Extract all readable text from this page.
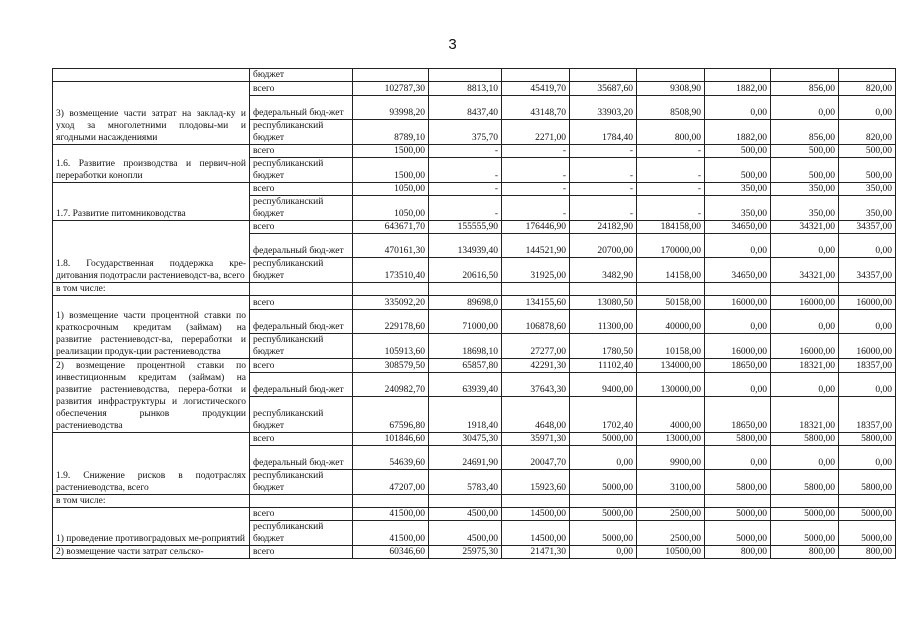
3
	бюджет								
3) возмещение части затрат на заклад-ку и уход за многолетними плодовы-ми и ягодными насаждениями	всего	102787,30	8813,10	45419,70	35687,60	9308,90	1882,00	856,00	820,00
	федеральный бюд-жет	93998,20	8437,40	43148,70	33903,20	8508,90	0,00	0,00	0,00
	республиканский бюджет	8789,10	375,70	2271,00	1784,40	800,00	1882,00	856,00	820,00
1.6. Развитие производства и первич-ной переработки конопли	всего	1500,00	-	-	-	-	500,00	500,00	500,00
	республиканский бюджет	1500,00	-	-	-	-	500,00	500,00	500,00
1.7. Развитие питомниководства	всего	1050,00	-	-	-	-	350,00	350,00	350,00
	республиканский бюджет	1050,00	-	-	-	-	350,00	350,00	350,00
1.8. Государственная поддержка кре-дитования подотрасли растениеводст-ва, всего	всего	643671,70	155555,90	176446,90	24182,90	184158,00	34650,00	34321,00	34357,00
	федеральный бюд-жет	470161,30	134939,40	144521,90	20700,00	170000,00	0,00	0,00	0,00
	республиканский бюджет	173510,40	20616,50	31925,00	3482,90	14158,00	34650,00	34321,00	34357,00
в том числе:									
1) возмещение части процентной ставки по краткосрочным кредитам (займам) на развитие растениеводст-ва, переработки и реализации продук-ции растениеводства	всего	335092,20	89698,0	134155,60	13080,50	50158,00	16000,00	16000,00	16000,00
	федеральный бюд-жет	229178,60	71000,00	106878,60	11300,00	40000,00	0,00	0,00	0,00
	республиканский бюджет	105913,60	18698,10	27277,00	1780,50	10158,00	16000,00	16000,00	16000,00
2) возмещение процентной ставки по инвестиционным кредитам (займам) на развитие растениеводства, перера-ботки и развития инфраструктуры и логистического обеспечения рынков продукции растениеводства	всего	308579,50	65857,80	42291,30	11102,40	134000,00	18650,00	18321,00	18357,00
	федеральный бюд-жет	240982,70	63939,40	37643,30	9400,00	130000,00	0,00	0,00	0,00
	республиканский бюджет	67596,80	1918,40	4648,00	1702,40	4000,00	18650,00	18321,00	18357,00
1.9. Снижение рисков в подотраслях растениеводства, всего	всего	101846,60	30475,30	35971,30	5000,00	13000,00	5800,00	5800,00	5800,00
	федеральный бюд-жет	54639,60	24691,90	20047,70	0,00	9900,00	0,00	0,00	0,00
	республиканский бюджет	47207,00	5783,40	15923,60	5000,00	3100,00	5800,00	5800,00	5800,00
в том числе:									
1) проведение противоградовых ме-роприятий	всего	41500,00	4500,00	14500,00	5000,00	2500,00	5000,00	5000,00	5000,00
	республиканский бюджет	41500,00	4500,00	14500,00	5000,00	2500,00	5000,00	5000,00	5000,00
2) возмещение части затрат сельско-	всего	60346,60	25975,30	21471,30	0,00	10500,00	800,00	800,00	800,00
